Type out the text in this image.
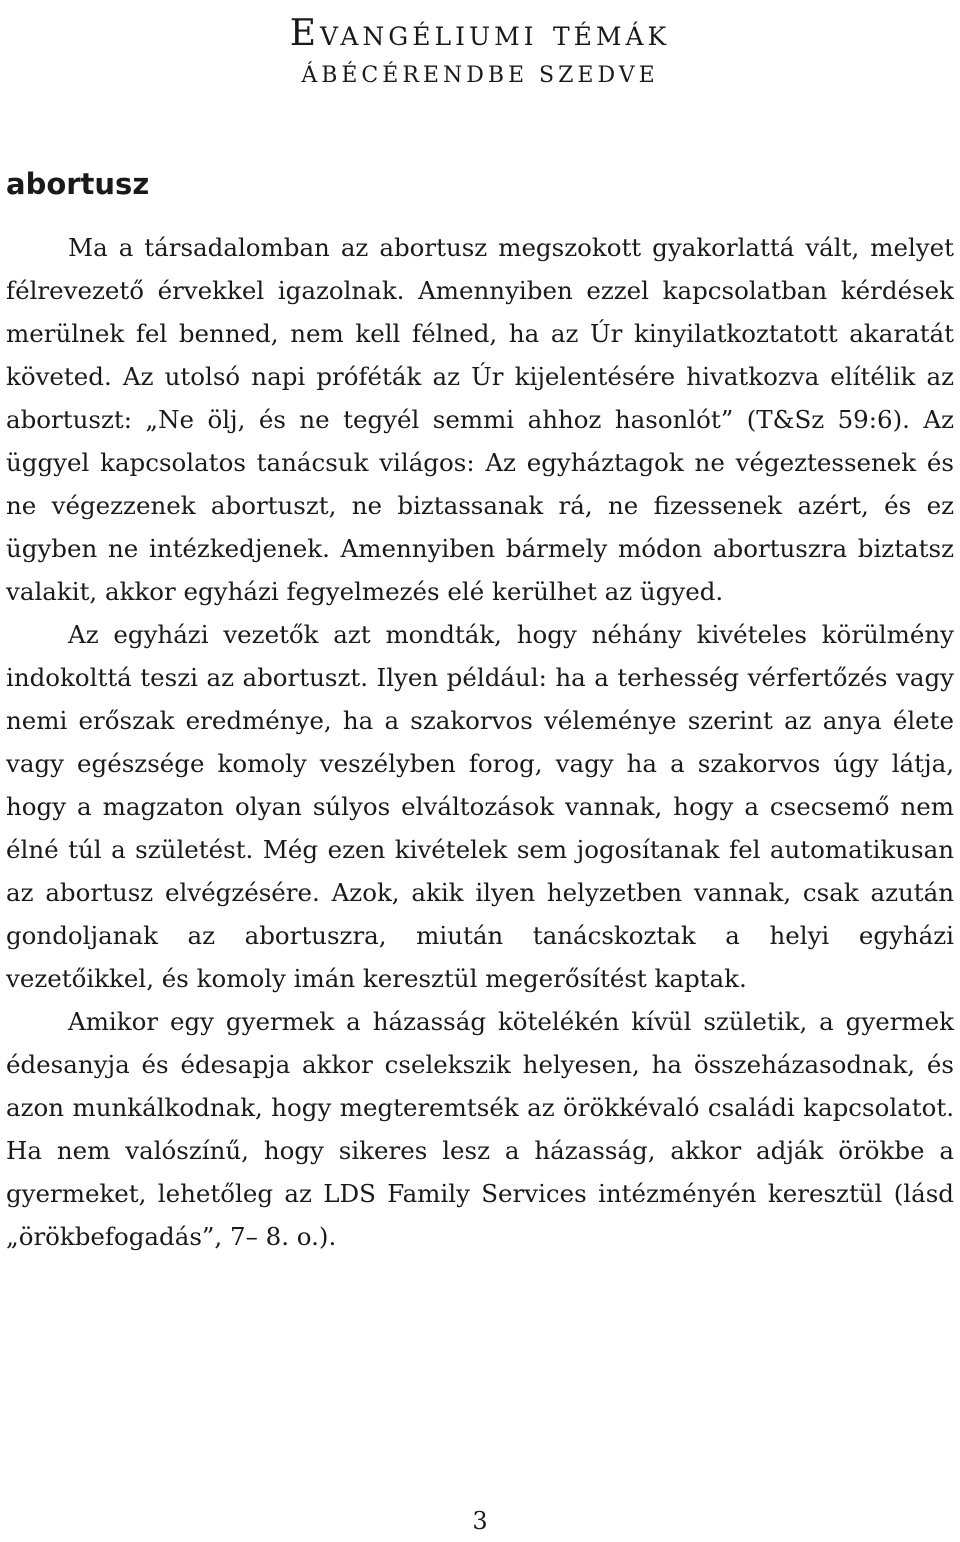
Evangéliumi témák
ÁBÉCÉRENDBE SZEDVE
abortusz

Ma a társadalomban az abortusz megszokott gyakorlattá vált, melyet félrevezető érvekkel igazolnak. Amennyiben ezzel kapcsolatban kérdések merülnek fel benned, nem kell félned, ha az Úr kinyilatkoztatott akaratát követed. Az utolsó napi próféták az Úr kijelentésére hivatkozva elítélik az abortuszt: „Ne ölj, és ne tegyél semmi ahhoz hasonlót” (T&Sz 59:6). Az üggyel kapcsolatos tanácsuk világos: Az egyháztagok ne végeztessenek és ne végezzenek abortuszt, ne biztassanak rá, ne fizessenek azért, és ez ügyben ne intézkedjenek. Amennyiben bármely módon abortuszra biztatsz valakit, akkor egyházi fegyelmezés elé kerülhet az ügyed.

Az egyházi vezetők azt mondták, hogy néhány kivételes körülmény indokolttá teszi az abortuszt. Ilyen például: ha a terhesség vérfertőzés vagy nemi erőszak eredménye, ha a szakorvos véleménye szerint az anya élete vagy egészsége komoly veszélyben forog, vagy ha a szakorvos úgy látja, hogy a magzaton olyan súlyos elváltozások vannak, hogy a csecsemő nem élné túl a születést. Még ezen kivételek sem jogosítanak fel automatikusan az abortusz elvégzésére. Azok, akik ilyen helyzetben vannak, csak azután gondoljanak az abortuszra, miután tanácskoztak a helyi egyházi vezetőikkel, és komoly imán keresztül megerősítést kaptak.

Amikor egy gyermek a házasság kötelékén kívül születik, a gyermek édesanyja és édesapja akkor cselekszik helyesen, ha összeházasodnak, és azon munkálkodnak, hogy megteremtsék az örökkévaló családi kapcsolatot. Ha nem valószínű, hogy sikeres lesz a házasság, akkor adják örökbe a gyermeket, lehetőleg az LDS Family Services intézményén keresztül (lásd „örökbefogadás”, 7– 8. o.).

3
